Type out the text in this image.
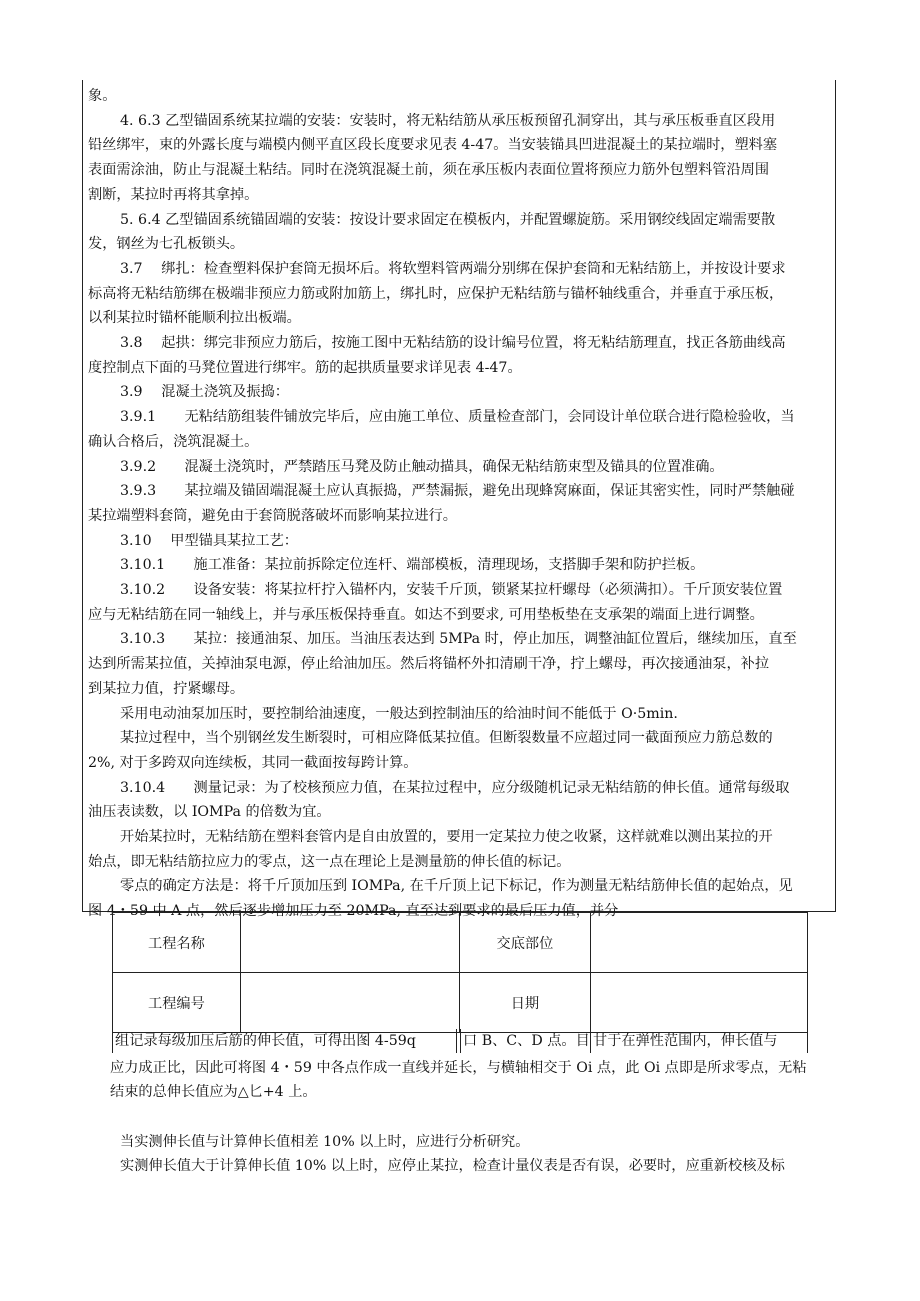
象。
4. 6.3 乙型锚固系统某拉端的安装：安装时，将无粘结筋从承压板预留孔洞穿出，其与承压板垂直区段用
铅丝绑牢，束的外露长度与端模内侧平直区段长度要求见表 4-47。当安装锚具凹进混凝土的某拉端时，塑料塞
表面需涂油，防止与混凝土粘结。同时在浇筑混凝土前，须在承压板内表面位置将预应力筋外包塑料管沿周围
割断，某拉时再将其拿掉。
5. 6.4 乙型锚固系统锚固端的安装：按设计要求固定在模板内，并配置螺旋筋。采用钢绞线固定端需要散
发，钢丝为七孔板锁头。
3.7　 绑扎：检查塑料保护套筒无损坏后。将软塑料管两端分别绑在保护套筒和无粘结筋上，并按设计要求
标高将无粘结筋绑在极端非预应力筋或附加筋上，绑扎时，应保护无粘结筋与锚杯轴线重合，并垂直于承压板，
以利某拉时锚杯能顺利拉出板端。
3.8　 起拱：绑完非预应力筋后，按施工图中无粘结筋的设计编号位置，将无粘结筋理直，找正各筋曲线高
度控制点下面的马凳位置进行绑牢。筋的起拱质量要求详见表 4-47。
3.9　 混凝土浇筑及振捣：
3.9.1　　无粘结筋组装件铺放完毕后，应由施工单位、质量检查部门，会同设计单位联合进行隐检验收，当
确认合格后，浇筑混凝土。
3.9.2　　混凝土浇筑时，严禁踏压马凳及防止触动描具，确保无粘结筋束型及锚具的位置准确。
3.9.3　　某拉端及锚固端混凝土应认真振捣，严禁漏振，避免出现蜂窝麻面，保证其密实性，同时严禁触碰
某拉端塑料套筒，避免由于套筒脱落破坏而影响某拉进行。
3.10　 甲型锚具某拉工艺：
3.10.1　　施工准备：某拉前拆除定位连杆、端部模板，清理现场，支搭脚手架和防护拦板。
3.10.2　　设备安装：将某拉杆拧入锚杯内，安装千斤顶，锁紧某拉杆螺母（必须满扣）。千斤顶安装位置
应与无粘结筋在同一轴线上，并与承压板保持垂直。如达不到要求, 可用垫板垫在支承架的端面上进行调整。
3.10.3　　某拉：接通油泵、加压。当油压表达到 5MPa 时，停止加压，调整油缸位置后，继续加压，直至
达到所需某拉值，关掉油泵电源，停止给油加压。然后将锚杯外扣清刷干净，拧上螺母，再次接通油泵，补拉
到某拉力值，拧紧螺母。
采用电动油泵加压时，要控制给油速度，一般达到控制油压的给油时间不能低于 O·5min.
某拉过程中，当个别钢丝发生断裂时，可相应降低某拉值。但断裂数量不应超过同一截面预应力筋总数的
2%, 对于多跨双向连续板，其同一截面按每跨计算。
3.10.4　　测量记录：为了校核预应力值，在某拉过程中，应分级随机记录无粘结筋的伸长值。通常每级取
油压表读数，以 IOMPa 的倍数为宜。
开始某拉时，无粘结筋在塑料套管内是自由放置的，要用一定某拉力使之收紧，这样就难以测出某拉的开
始点，即无粘结筋拉应力的零点，这一点在理论上是测量筋的伸长值的标记。
零点的确定方法是：将千斤顶加压到 IOMPa, 在千斤顶上记下标记，作为测量无粘结筋伸长值的起始点，见
图 4・59 中 A 点，然后逐步增加压力至 20MPa, 直至达到要求的最后压力值，并分
工程名称		交底部位	
工程编号		日期	
组记录每级加压后筋的伸长值，可得出图 4-59q	口 B、C、D 点。目 甘于在弹性范围内，伸长值与
应力成正比，因此可将图 4・59 中各点作成一直线并延长，与横轴相交于 Oi 点，此 Oi 点即是所求零点，无粘
结束的总伸长值应为△匕+4 上。
当实测伸长值与计算伸长值相差 10% 以上时，应进行分析研究。
实测伸长值大于计算伸长值 10% 以上时，应停止某拉，检查计量仪表是否有误，必要时，应重新校核及标
